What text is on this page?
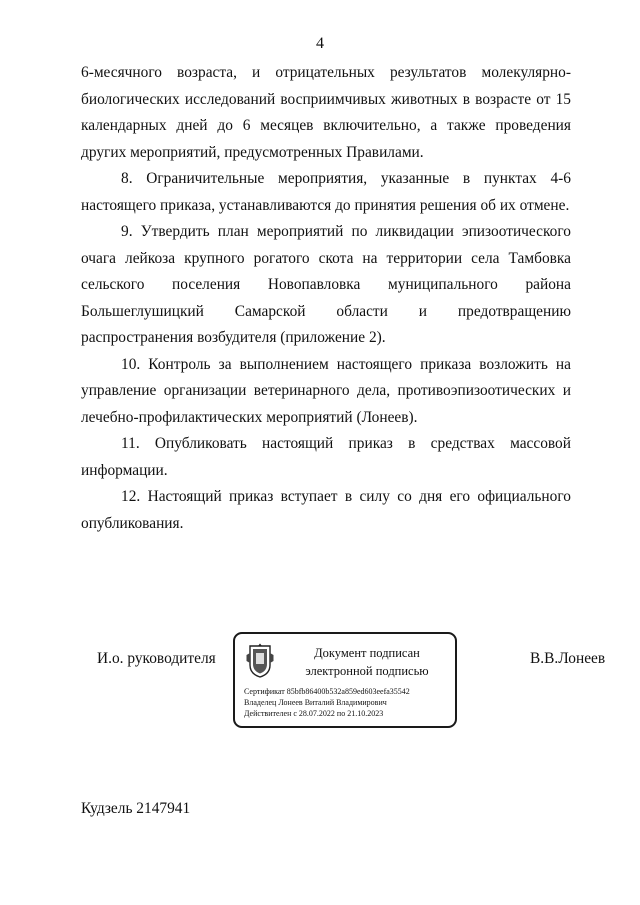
4

6-месячного возраста, и отрицательных результатов молекулярно-биологических исследований восприимчивых животных в возрасте от 15 календарных дней до 6 месяцев включительно, а также проведения других мероприятий, предусмотренных Правилами.

8. Ограничительные мероприятия, указанные в пунктах 4-6 настоящего приказа, устанавливаются до принятия решения об их отмене.

9. Утвердить план мероприятий по ликвидации эпизоотического очага лейкоза крупного рогатого скота на территории села Тамбовка сельского поселения Новопавловка муниципального района Большеглушицкий Самарской области и предотвращению распространения возбудителя (приложение 2).

10. Контроль за выполнением настоящего приказа возложить на управление организации ветеринарного дела, противоэпизоотических и лечебно-профилактических мероприятий (Лонеев).

11. Опубликовать настоящий приказ в средствах массовой информации.

12. Настоящий приказ вступает в силу со дня его официального опубликования.

И.о. руководителя	Документ подписан
электронной подписью
Сертификат 85bfb86400b532a859ed603eefa35542
Владелец Лонеев Виталий Владимирович
Действителен с 28.07.2022 по 21.10.2023
В.В.Лонеев
Кудзель 2147941
